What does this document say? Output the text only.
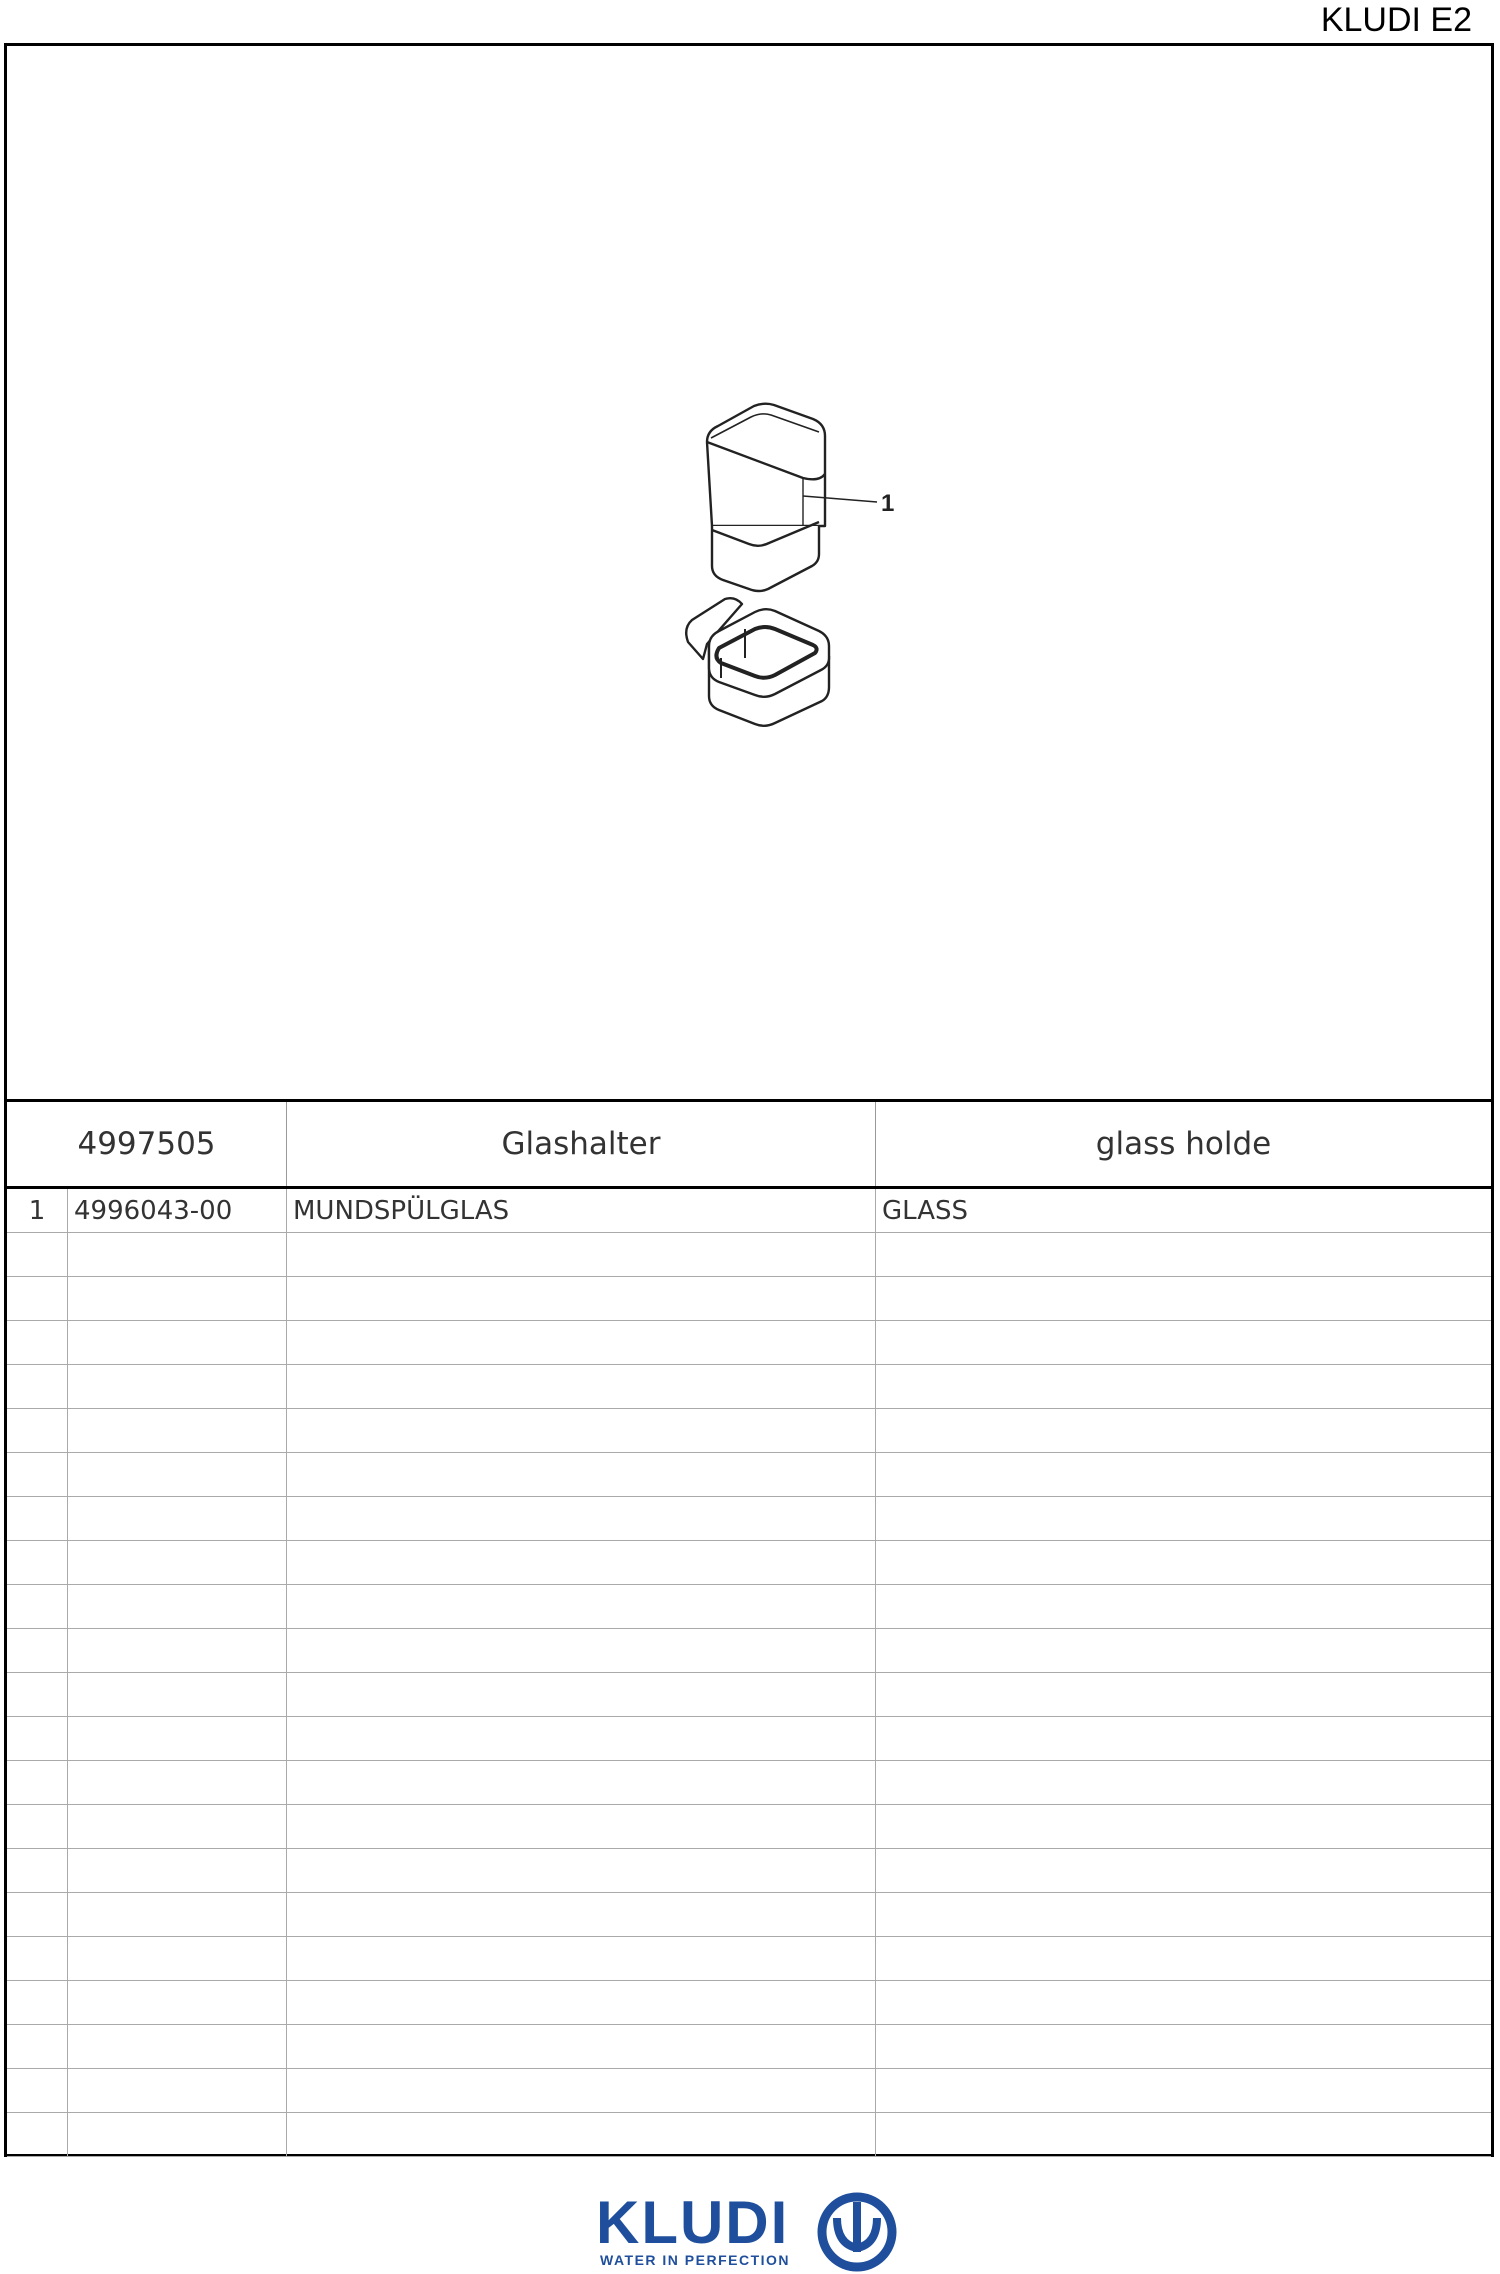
KLUDI E2
1
4997505	Glashalter	glass holde
1	4996043-00	MUNDSPÜLGLAS	GLASS
KLUDI
WATER IN PERFECTION
